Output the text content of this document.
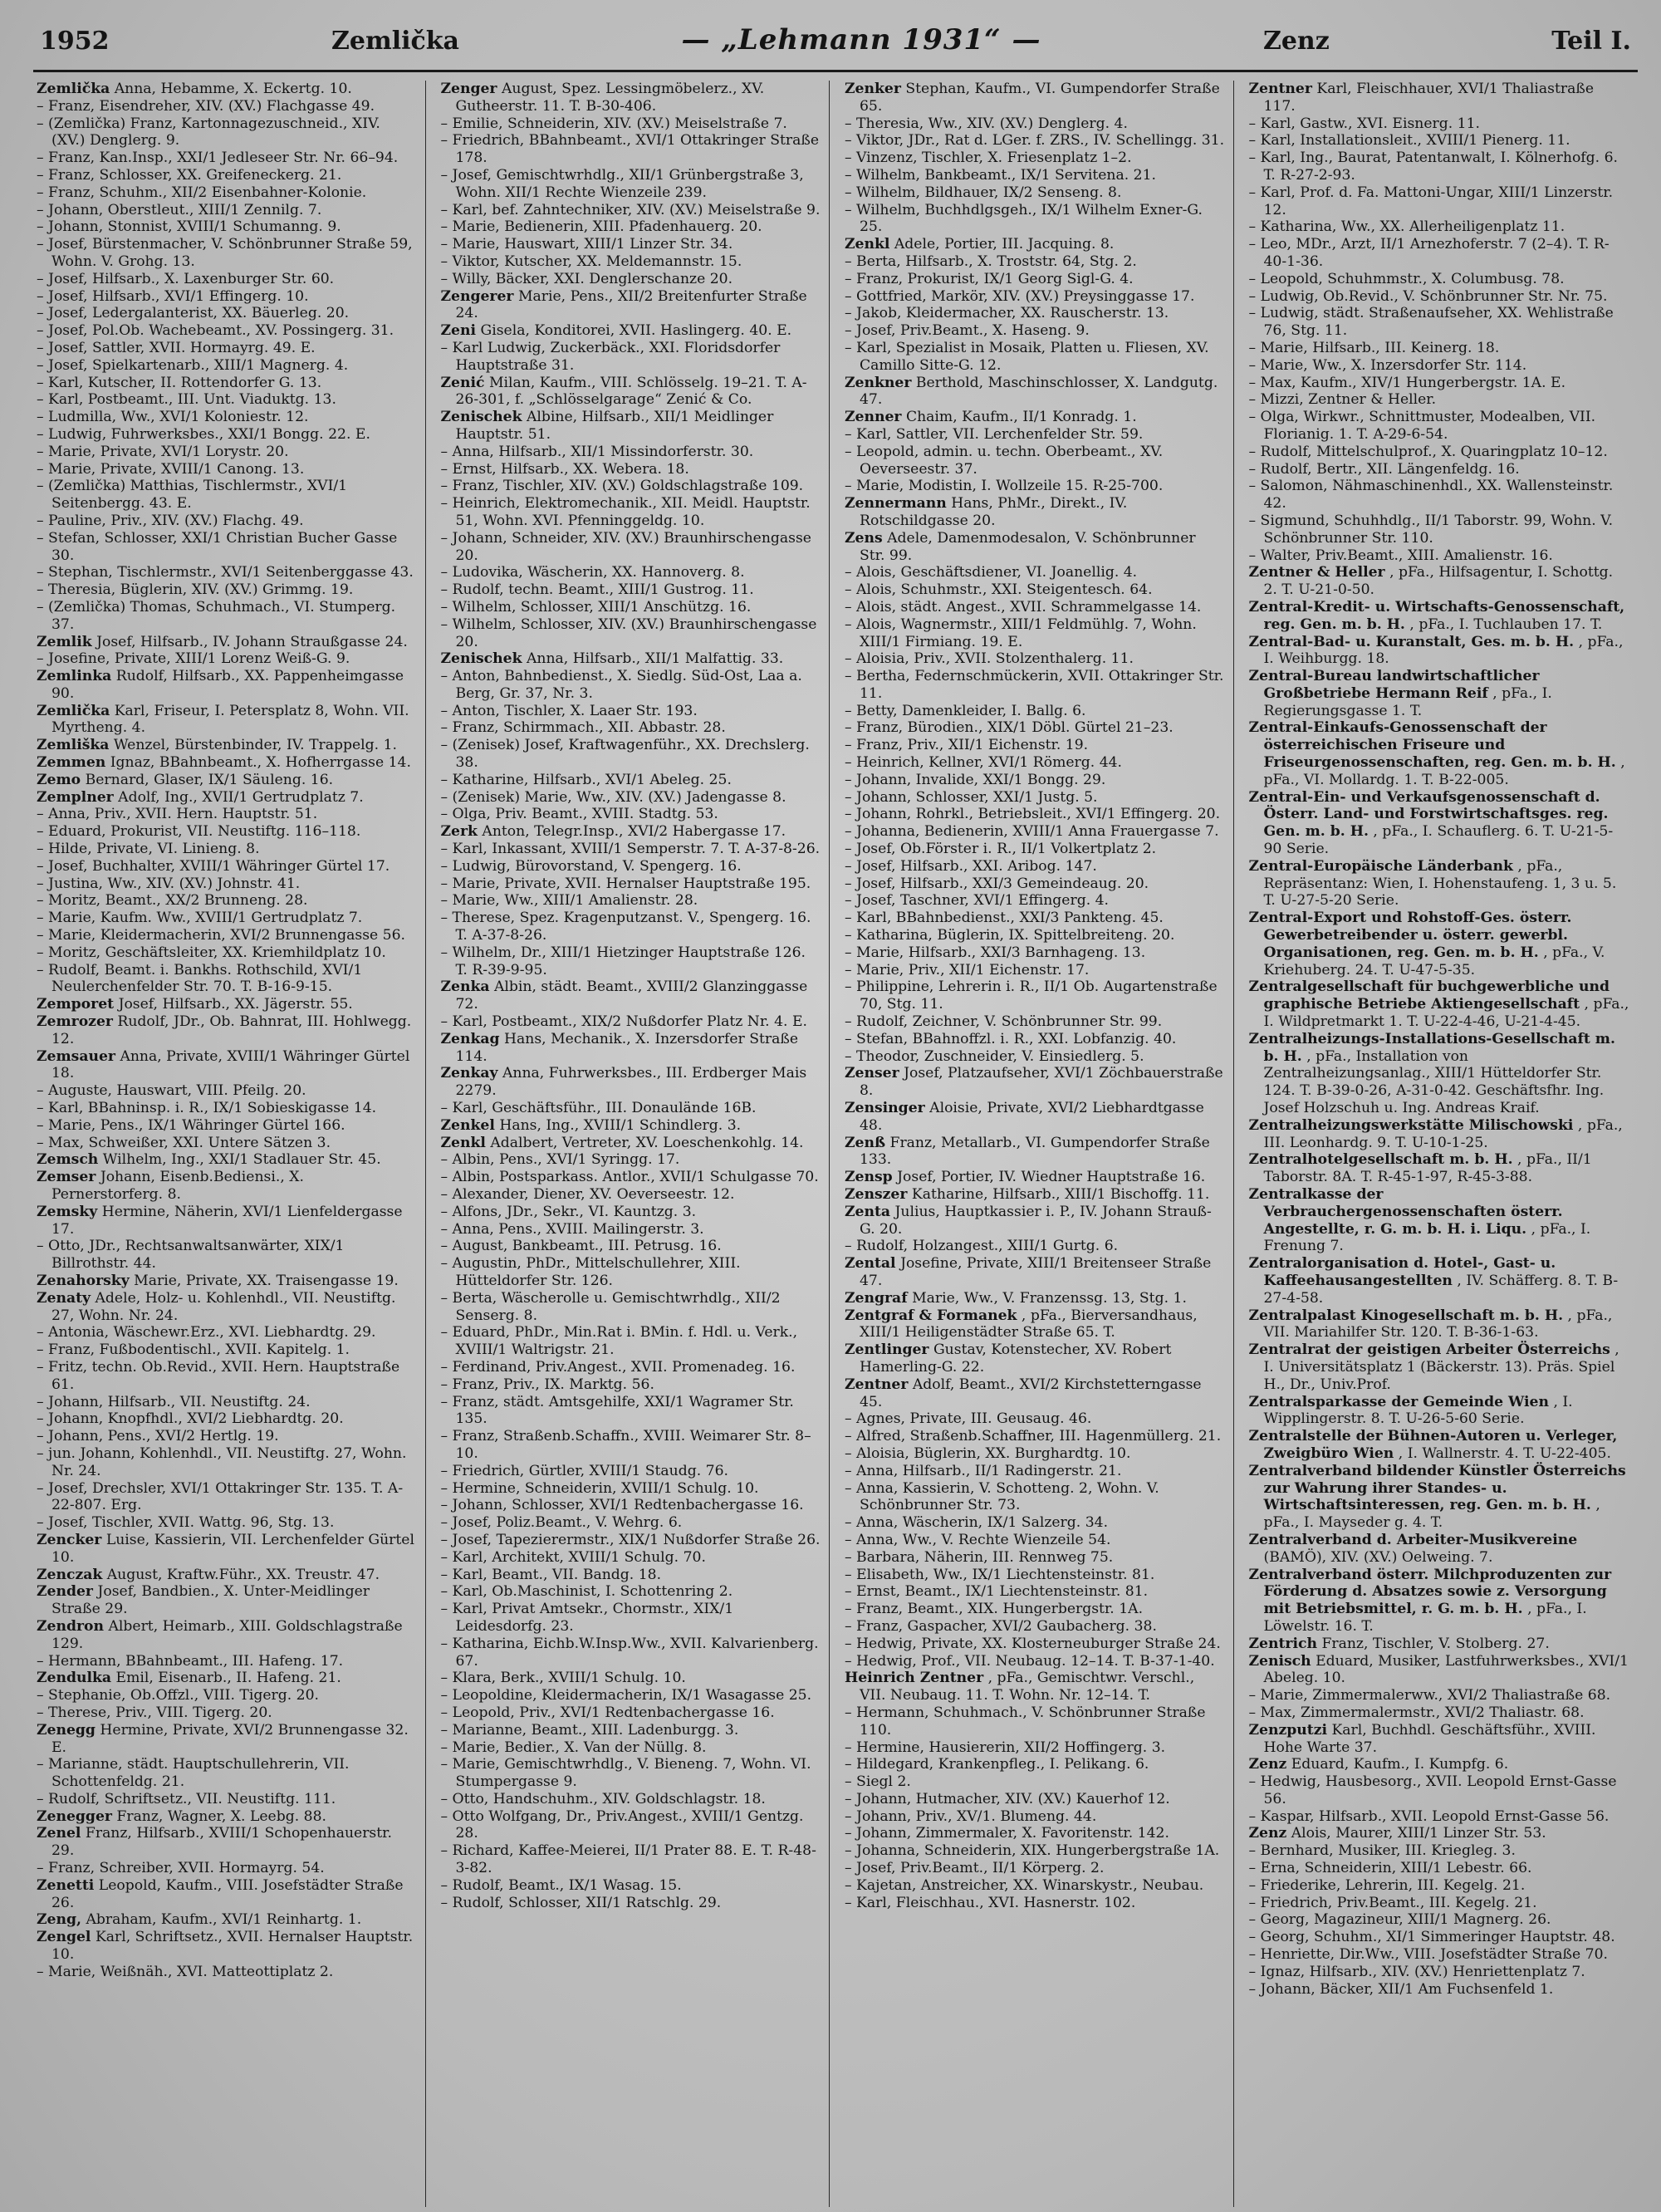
1952	Zemlička	— „Lehmann 1931“ —	Zenz	Teil I.

Zemlička Anna, Hebamme, X. Eckertg. 10.

– Franz, Eisendreher, XIV. (XV.) Flachgasse 49.

– (Zemlička) Franz, Kartonnagezuschneid., XIV. (XV.) Denglerg. 9.

– Franz, Kan.Insp., XXI/1 Jedleseer Str. Nr. 66–94.

– Franz, Schlosser, XX. Greifeneckerg. 21.

– Franz, Schuhm., XII/2 Eisenbahner-Kolonie.

– Johann, Oberstleut., XIII/1 Zennilg. 7.

– Johann, Stonnist, XVIII/1 Schumanng. 9.

– Josef, Bürstenmacher, V. Schönbrunner Straße 59, Wohn. V. Grohg. 13.

– Josef, Hilfsarb., X. Laxenburger Str. 60.

– Josef, Hilfsarb., XVI/1 Effingerg. 10.

– Josef, Ledergalanterist, XX. Bäuerleg. 20.

– Josef, Pol.Ob. Wachebeamt., XV. Possingerg. 31.

– Josef, Sattler, XVII. Hormayrg. 49. E.

– Josef, Spielkartenarb., XIII/1 Magnerg. 4.

– Karl, Kutscher, II. Rottendorfer G. 13.

– Karl, Postbeamt., III. Unt. Viaduktg. 13.

– Ludmilla, Ww., XVI/1 Koloniestr. 12.

– Ludwig, Fuhrwerksbes., XXI/1 Bongg. 22. E.

– Marie, Private, XVI/1 Lorystr. 20.

– Marie, Private, XVIII/1 Canong. 13.

– (Zemlička) Matthias, Tischlermstr., XVI/1 Seitenbergg. 43. E.

– Pauline, Priv., XIV. (XV.) Flachg. 49.

– Stefan, Schlosser, XXI/1 Christian Bucher Gasse 30.

– Stephan, Tischlermstr., XVI/1 Seitenberggasse 43.

– Theresia, Büglerin, XIV. (XV.) Grimmg. 19.

– (Zemlička) Thomas, Schuhmach., VI. Stumperg. 37.

Zemlik Josef, Hilfsarb., IV. Johann Straußgasse 24.

– Josefine, Private, XIII/1 Lorenz Weiß-G. 9.

Zemlinka Rudolf, Hilfsarb., XX. Pappenheimgasse 90.

Zemlička Karl, Friseur, I. Petersplatz 8, Wohn. VII. Myrtheng. 4.

Zemliška Wenzel, Bürstenbinder, IV. Trappelg. 1.

Zemmen Ignaz, BBahnbeamt., X. Hofherrgasse 14.

Zemo Bernard, Glaser, IX/1 Säuleng. 16.

Zemplner Adolf, Ing., XVII/1 Gertrudplatz 7.

– Anna, Priv., XVII. Hern. Hauptstr. 51.

– Eduard, Prokurist, VII. Neustiftg. 116–118.

– Hilde, Private, VI. Linieng. 8.

– Josef, Buchhalter, XVIII/1 Währinger Gürtel 17.

– Justina, Ww., XIV. (XV.) Johnstr. 41.

– Moritz, Beamt., XX/2 Brunneng. 28.

– Marie, Kaufm. Ww., XVIII/1 Gertrudplatz 7.

– Marie, Kleidermacherin, XVI/2 Brunnengasse 56.

– Moritz, Geschäftsleiter, XX. Kriemhildplatz 10.

– Rudolf, Beamt. i. Bankhs. Rothschild, XVI/1 Neulerchenfelder Str. 70. T. B-16-9-15.

Zemporet Josef, Hilfsarb., XX. Jägerstr. 55.

Zemrozer Rudolf, JDr., Ob. Bahnrat, III. Hohlwegg. 12.

Zemsauer Anna, Private, XVIII/1 Währinger Gürtel 18.

– Auguste, Hauswart, VIII. Pfeilg. 20.

– Karl, BBahninsp. i. R., IX/1 Sobieskigasse 14.

– Marie, Pens., IX/1 Währinger Gürtel 166.

– Max, Schweißer, XXI. Untere Sätzen 3.

Zemsch Wilhelm, Ing., XXI/1 Stadlauer Str. 45.

Zemser Johann, Eisenb.Bediensi., X. Pernerstorferg. 8.

Zemsky Hermine, Näherin, XVI/1 Lienfeldergasse 17.

– Otto, JDr., Rechtsanwaltsanwärter, XIX/1 Billrothstr. 44.

Zenahorsky Marie, Private, XX. Traisengasse 19.

Zenaty Adele, Holz- u. Kohlenhdl., VII. Neustiftg. 27, Wohn. Nr. 24.

– Antonia, Wäschewr.Erz., XVI. Liebhardtg. 29.

– Franz, Fußbodentischl., XVII. Kapitelg. 1.

– Fritz, techn. Ob.Revid., XVII. Hern. Hauptstraße 61.

– Johann, Hilfsarb., VII. Neustiftg. 24.

– Johann, Knopfhdl., XVI/2 Liebhardtg. 20.

– Johann, Pens., XVI/2 Hertlg. 19.

– jun. Johann, Kohlenhdl., VII. Neustiftg. 27, Wohn. Nr. 24.

– Josef, Drechsler, XVI/1 Ottakringer Str. 135. T. A-22-807. Erg.

– Josef, Tischler, XVII. Wattg. 96, Stg. 13.

Zencker Luise, Kassierin, VII. Lerchenfelder Gürtel 10.

Zenczak August, Kraftw.Führ., XX. Treustr. 47.

Zender Josef, Bandbien., X. Unter-Meidlinger Straße 29.

Zendron Albert, Heimarb., XIII. Goldschlagstraße 129.

– Hermann, BBahnbeamt., III. Hafeng. 17.

Zendulka Emil, Eisenarb., II. Hafeng. 21.

– Stephanie, Ob.Offzl., VIII. Tigerg. 20.

– Therese, Priv., VIII. Tigerg. 20.

Zenegg Hermine, Private, XVI/2 Brunnengasse 32. E.

– Marianne, städt. Hauptschullehrerin, VII. Schottenfeldg. 21.

– Rudolf, Schriftsetz., VII. Neustiftg. 111.

Zenegger Franz, Wagner, X. Leebg. 88.

Zenel Franz, Hilfsarb., XVIII/1 Schopenhauerstr. 29.

– Franz, Schreiber, XVII. Hormayrg. 54.

Zenetti Leopold, Kaufm., VIII. Josefstädter Straße 26.

Zeng, Abraham, Kaufm., XVI/1 Reinhartg. 1.

Zengel Karl, Schriftsetz., XVII. Hernalser Hauptstr. 10.

– Marie, Weißnäh., XVI. Matteottiplatz 2.

Zenger August, Spez. Lessingmöbelerz., XV. Gutheerstr. 11. T. B-30-406.

– Emilie, Schneiderin, XIV. (XV.) Meiselstraße 7.

– Friedrich, BBahnbeamt., XVI/1 Ottakringer Straße 178.

– Josef, Gemischtwrhdlg., XII/1 Grünbergstraße 3, Wohn. XII/1 Rechte Wienzeile 239.

– Karl, bef. Zahntechniker, XIV. (XV.) Meiselstraße 9.

– Marie, Bedienerin, XIII. Pfadenhauerg. 20.

– Marie, Hauswart, XIII/1 Linzer Str. 34.

– Viktor, Kutscher, XX. Meldemannstr. 15.

– Willy, Bäcker, XXI. Denglerschanze 20.

Zengerer Marie, Pens., XII/2 Breitenfurter Straße 24.

Zeni Gisela, Konditorei, XVII. Haslingerg. 40. E.

– Karl Ludwig, Zuckerbäck., XXI. Floridsdorfer Hauptstraße 31.

Zenić Milan, Kaufm., VIII. Schlösselg. 19–21. T. A-26-301, f. „Schlösselgarage“ Zenić & Co.

Zenischek Albine, Hilfsarb., XII/1 Meidlinger Hauptstr. 51.

– Anna, Hilfsarb., XII/1 Missindorferstr. 30.

– Ernst, Hilfsarb., XX. Webera. 18.

– Franz, Tischler, XIV. (XV.) Goldschlagstraße 109.

– Heinrich, Elektromechanik., XII. Meidl. Hauptstr. 51, Wohn. XVI. Pfenninggeldg. 10.

– Johann, Schneider, XIV. (XV.) Braunhirschengasse 20.

– Ludovika, Wäscherin, XX. Hannoverg. 8.

– Rudolf, techn. Beamt., XIII/1 Gustrog. 11.

– Wilhelm, Schlosser, XIII/1 Anschützg. 16.

– Wilhelm, Schlosser, XIV. (XV.) Braunhirschengasse 20.

Zenischek Anna, Hilfsarb., XII/1 Malfattig. 33.

– Anton, Bahnbedienst., X. Siedlg. Süd-Ost, Laa a. Berg, Gr. 37, Nr. 3.

– Anton, Tischler, X. Laaer Str. 193.

– Franz, Schirmmach., XII. Abbastr. 28.

– (Zenisek) Josef, Kraftwagenführ., XX. Drechslerg. 38.

– Katharine, Hilfsarb., XVI/1 Abeleg. 25.

– (Zenisek) Marie, Ww., XIV. (XV.) Jadengasse 8.

– Olga, Priv. Beamt., XVIII. Stadtg. 53.

Zerk Anton, Telegr.Insp., XVI/2 Habergasse 17.

– Karl, Inkassant, XVIII/1 Semperstr. 7. T. A-37-8-26.

– Ludwig, Bürovorstand, V. Spengerg. 16.

– Marie, Private, XVII. Hernalser Hauptstraße 195.

– Marie, Ww., XIII/1 Amalienstr. 28.

– Therese, Spez. Kragenputzanst. V., Spengerg. 16. T. A-37-8-26.

– Wilhelm, Dr., XIII/1 Hietzinger Hauptstraße 126. T. R-39-9-95.

Zenka Albin, städt. Beamt., XVIII/2 Glanzinggasse 72.

– Karl, Postbeamt., XIX/2 Nußdorfer Platz Nr. 4. E.

Zenkag Hans, Mechanik., X. Inzersdorfer Straße 114.

Zenkay Anna, Fuhrwerksbes., III. Erdberger Mais 2279.

– Karl, Geschäftsführ., III. Donaulände 16B.

Zenkel Hans, Ing., XVIII/1 Schindlerg. 3.

Zenkl Adalbert, Vertreter, XV. Loeschenkohlg. 14.

– Albin, Pens., XVI/1 Syringg. 17.

– Albin, Postsparkass. Antlor., XVII/1 Schulgasse 70.

– Alexander, Diener, XV. Oeverseestr. 12.

– Alfons, JDr., Sekr., VI. Kauntzg. 3.

– Anna, Pens., XVIII. Mailingerstr. 3.

– August, Bankbeamt., III. Petrusg. 16.

– Augustin, PhDr., Mittelschullehrer, XIII. Hütteldorfer Str. 126.

– Berta, Wäscherolle u. Gemischtwrhdlg., XII/2 Senserg. 8.

– Eduard, PhDr., Min.Rat i. BMin. f. Hdl. u. Verk., XVIII/1 Waltrigstr. 21.

– Ferdinand, Priv.Angest., XVII. Promenadeg. 16.

– Franz, Priv., IX. Marktg. 56.

– Franz, städt. Amtsgehilfe, XXI/1 Wagramer Str. 135.

– Franz, Straßenb.Schaffn., XVIII. Weimarer Str. 8–10.

– Friedrich, Gürtler, XVIII/1 Staudg. 76.

– Hermine, Schneiderin, XVIII/1 Schulg. 10.

– Johann, Schlosser, XVI/1 Redtenbachergasse 16.

– Josef, Poliz.Beamt., V. Wehrg. 6.

– Josef, Tapezierermstr., XIX/1 Nußdorfer Straße 26.

– Karl, Architekt, XVIII/1 Schulg. 70.

– Karl, Beamt., VII. Bandg. 18.

– Karl, Ob.Maschinist, I. Schottenring 2.

– Karl, Privat Amtsekr., Chormstr., XIX/1 Leidesdorfg. 23.

– Katharina, Eichb.W.Insp.Ww., XVII. Kalvarienberg. 67.

– Klara, Berk., XVIII/1 Schulg. 10.

– Leopoldine, Kleidermacherin, IX/1 Wasagasse 25.

– Leopold, Priv., XVI/1 Redtenbachergasse 16.

– Marianne, Beamt., XIII. Ladenburgg. 3.

– Marie, Bedier., X. Van der Nüllg. 8.

– Marie, Gemischtwrhdlg., V. Bieneng. 7, Wohn. VI. Stumpergasse 9.

– Otto, Handschuhm., XIV. Goldschlagstr. 18.

– Otto Wolfgang, Dr., Priv.Angest., XVIII/1 Gentzg. 28.

– Richard, Kaffee-Meierei, II/1 Prater 88. E. T. R-48-3-82.

– Rudolf, Beamt., IX/1 Wasag. 15.

– Rudolf, Schlosser, XII/1 Ratschlg. 29.

Zenker Stephan, Kaufm., VI. Gumpendorfer Straße 65.

– Theresia, Ww., XIV. (XV.) Denglerg. 4.

– Viktor, JDr., Rat d. LGer. f. ZRS., IV. Schellingg. 31.

– Vinzenz, Tischler, X. Friesenplatz 1–2.

– Wilhelm, Bankbeamt., IX/1 Servitena. 21.

– Wilhelm, Bildhauer, IX/2 Senseng. 8.

– Wilhelm, Buchhdlgsgeh., IX/1 Wilhelm Exner-G. 25.

Zenkl Adele, Portier, III. Jacquing. 8.

– Berta, Hilfsarb., X. Troststr. 64, Stg. 2.

– Franz, Prokurist, IX/1 Georg Sigl-G. 4.

– Gottfried, Markör, XIV. (XV.) Preysinggasse 17.

– Jakob, Kleidermacher, XX. Rauscherstr. 13.

– Josef, Priv.Beamt., X. Haseng. 9.

– Karl, Spezialist in Mosaik, Platten u. Fliesen, XV. Camillo Sitte-G. 12.

Zenkner Berthold, Maschinschlosser, X. Landgutg. 47.

Zenner Chaim, Kaufm., II/1 Konradg. 1.

– Karl, Sattler, VII. Lerchenfelder Str. 59.

– Leopold, admin. u. techn. Oberbeamt., XV. Oeverseestr. 37.

– Marie, Modistin, I. Wollzeile 15. R-25-700.

Zennermann Hans, PhMr., Direkt., IV. Rotschildgasse 20.

Zens Adele, Damenmodesalon, V. Schönbrunner Str. 99.

– Alois, Geschäftsdiener, VI. Joanellig. 4.

– Alois, Schuhmstr., XXI. Steigentesch. 64.

– Alois, städt. Angest., XVII. Schrammelgasse 14.

– Alois, Wagnermstr., XIII/1 Feldmühlg. 7, Wohn. XIII/1 Firmiang. 19. E.

– Aloisia, Priv., XVII. Stolzenthalerg. 11.

– Bertha, Federnschmückerin, XVII. Ottakringer Str. 11.

– Betty, Damenkleider, I. Ballg. 6.

– Franz, Bürodien., XIX/1 Döbl. Gürtel 21–23.

– Franz, Priv., XII/1 Eichenstr. 19.

– Heinrich, Kellner, XVI/1 Römerg. 44.

– Johann, Invalide, XXI/1 Bongg. 29.

– Johann, Schlosser, XXI/1 Justg. 5.

– Johann, Rohrkl., Betriebsleit., XVI/1 Effingerg. 20.

– Johanna, Bedienerin, XVIII/1 Anna Frauergasse 7.

– Josef, Ob.Förster i. R., II/1 Volkertplatz 2.

– Josef, Hilfsarb., XXI. Aribog. 147.

– Josef, Hilfsarb., XXI/3 Gemeindeaug. 20.

– Josef, Taschner, XVI/1 Effingerg. 4.

– Karl, BBahnbedienst., XXI/3 Pankteng. 45.

– Katharina, Büglerin, IX. Spittelbreiteng. 20.

– Marie, Hilfsarb., XXI/3 Barnhageng. 13.

– Marie, Priv., XII/1 Eichenstr. 17.

– Philippine, Lehrerin i. R., II/1 Ob. Augartenstraße 70, Stg. 11.

– Rudolf, Zeichner, V. Schönbrunner Str. 99.

– Stefan, BBahnoffzl. i. R., XXI. Lobfanzig. 40.

– Theodor, Zuschneider, V. Einsiedlerg. 5.

Zenser Josef, Platzaufseher, XVI/1 Zöchbauerstraße 8.

Zensinger Aloisie, Private, XVI/2 Liebhardtgasse 48.

Zenß Franz, Metallarb., VI. Gumpendorfer Straße 133.

Zensp Josef, Portier, IV. Wiedner Hauptstraße 16.

Zenszer Katharine, Hilfsarb., XIII/1 Bischoffg. 11.

Zenta Julius, Hauptkassier i. P., IV. Johann Strauß-G. 20.

– Rudolf, Holzangest., XIII/1 Gurtg. 6.

Zental Josefine, Private, XIII/1 Breitenseer Straße 47.

Zengraf Marie, Ww., V. Franzenssg. 13, Stg. 1.

Zentgraf & Formanek , pFa., Bierversandhaus, XIII/1 Heiligenstädter Straße 65. T.

Zentlinger Gustav, Kotenstecher, XV. Robert Hamerling-G. 22.

Zentner Adolf, Beamt., XVI/2 Kirchstetterngasse 45.

– Agnes, Private, III. Geusaug. 46.

– Alfred, Straßenb.Schaffner, III. Hagenmüllerg. 21.

– Aloisia, Büglerin, XX. Burghardtg. 10.

– Anna, Hilfsarb., II/1 Radingerstr. 21.

– Anna, Kassierin, V. Schotteng. 2, Wohn. V. Schönbrunner Str. 73.

– Anna, Wäscherin, IX/1 Salzerg. 34.

– Anna, Ww., V. Rechte Wienzeile 54.

– Barbara, Näherin, III. Rennweg 75.

– Elisabeth, Ww., IX/1 Liechtensteinstr. 81.

– Ernst, Beamt., IX/1 Liechtensteinstr. 81.

– Franz, Beamt., XIX. Hungerbergstr. 1A.

– Franz, Gaspacher, XVI/2 Gaubacherg. 38.

– Hedwig, Private, XX. Klosterneuburger Straße 24.

– Hedwig, Prof., VII. Neubaug. 12–14. T. B-37-1-40.

Heinrich Zentner , pFa., Gemischtwr. Verschl., VII. Neubaug. 11. T. Wohn. Nr. 12–14. T.

– Hermann, Schuhmach., V. Schönbrunner Straße 110.

– Hermine, Hausiererin, XII/2 Hoffingerg. 3.

– Hildegard, Krankenpfleg., I. Pelikang. 6.

– Siegl 2.

– Johann, Hutmacher, XIV. (XV.) Kauerhof 12.

– Johann, Priv., XV/1. Blumeng. 44.

– Johann, Zimmermaler, X. Favoritenstr. 142.

– Johanna, Schneiderin, XIX. Hungerbergstraße 1A.

– Josef, Priv.Beamt., II/1 Körperg. 2.

– Kajetan, Anstreicher, XX. Winarskystr., Neubau.

– Karl, Fleischhau., XVI. Hasnerstr. 102.

Zentner Karl, Fleischhauer, XVI/1 Thaliastraße 117.

– Karl, Gastw., XVI. Eisnerg. 11.

– Karl, Installationsleit., XVIII/1 Pienerg. 11.

– Karl, Ing., Baurat, Patentanwalt, I. Kölnerhofg. 6. T. R-27-2-93.

– Karl, Prof. d. Fa. Mattoni-Ungar, XIII/1 Linzerstr. 12.

– Katharina, Ww., XX. Allerheiligenplatz 11.

– Leo, MDr., Arzt, II/1 Arnezhoferstr. 7 (2–4). T. R-40-1-36.

– Leopold, Schuhmmstr., X. Columbusg. 78.

– Ludwig, Ob.Revid., V. Schönbrunner Str. Nr. 75.

– Ludwig, städt. Straßenaufseher, XX. Wehlistraße 76, Stg. 11.

– Marie, Hilfsarb., III. Keinerg. 18.

– Marie, Ww., X. Inzersdorfer Str. 114.

– Max, Kaufm., XIV/1 Hungerbergstr. 1A. E.

– Mizzi, Zentner & Heller.

– Olga, Wirkwr., Schnittmuster, Modealben, VII. Florianig. 1. T. A-29-6-54.

– Rudolf, Mittelschulprof., X. Quaringplatz 10–12.

– Rudolf, Bertr., XII. Längenfeldg. 16.

– Salomon, Nähmaschinenhdl., XX. Wallensteinstr. 42.

– Sigmund, Schuhhdlg., II/1 Taborstr. 99, Wohn. V. Schönbrunner Str. 110.

– Walter, Priv.Beamt., XIII. Amalienstr. 16.

Zentner & Heller , pFa., Hilfsagentur, I. Schottg. 2. T. U-21-0-50.

Zentral-Kredit- u. Wirtschafts-Genossenschaft, reg. Gen. m. b. H. , pFa., I. Tuchlauben 17. T.

Zentral-Bad- u. Kuranstalt, Ges. m. b. H. , pFa., I. Weihburgg. 18.

Zentral-Bureau landwirtschaftlicher Großbetriebe Hermann Reif , pFa., I. Regierungsgasse 1. T.

Zentral-Einkaufs-Genossenschaft der österreichischen Friseure und Friseurgenossenschaften, reg. Gen. m. b. H. , pFa., VI. Mollardg. 1. T. B-22-005.

Zentral-Ein- und Verkaufsgenossenschaft d. Österr. Land- und Forstwirtschaftsges. reg. Gen. m. b. H. , pFa., I. Schauflerg. 6. T. U-21-5-90 Serie.

Zentral-Europäische Länderbank , pFa., Repräsentanz: Wien, I. Hohenstaufeng. 1, 3 u. 5. T. U-27-5-20 Serie.

Zentral-Export und Rohstoff-Ges. österr. Gewerbetreibender u. österr. gewerbl. Organisationen, reg. Gen. m. b. H. , pFa., V. Kriehuberg. 24. T. U-47-5-35.

Zentralgesellschaft für buchgewerbliche und graphische Betriebe Aktiengesellschaft , pFa., I. Wildpretmarkt 1. T. U-22-4-46, U-21-4-45.

Zentralheizungs-Installations-Gesellschaft m. b. H. , pFa., Installation von Zentralheizungsanlag., XIII/1 Hütteldorfer Str. 124. T. B-39-0-26, A-31-0-42. Geschäftsfhr. Ing. Josef Holzschuh u. Ing. Andreas Kraif.

Zentralheizungswerkstätte Milischowski , pFa., III. Leonhardg. 9. T. U-10-1-25.

Zentralhotelgesellschaft m. b. H. , pFa., II/1 Taborstr. 8A. T. R-45-1-97, R-45-3-88.

Zentralkasse der Verbrauchergenossenschaften österr. Angestellte, r. G. m. b. H. i. Liqu. , pFa., I. Frenung 7.

Zentralorganisation d. Hotel-, Gast- u. Kaffeehausangestellten , IV. Schäfferg. 8. T. B-27-4-58.

Zentralpalast Kinogesellschaft m. b. H. , pFa., VII. Mariahilfer Str. 120. T. B-36-1-63.

Zentralrat der geistigen Arbeiter Österreichs , I. Universitätsplatz 1 (Bäckerstr. 13). Präs. Spiel H., Dr., Univ.Prof.

Zentralsparkasse der Gemeinde Wien , I. Wipplingerstr. 8. T. U-26-5-60 Serie.

Zentralstelle der Bühnen-Autoren u. Verleger, Zweigbüro Wien , I. Wallnerstr. 4. T. U-22-405.

Zentralverband bildender Künstler Österreichs zur Wahrung ihrer Standes- u. Wirtschaftsinteressen, reg. Gen. m. b. H. , pFa., I. Mayseder g. 4. T.

Zentralverband d. Arbeiter-Musikvereine (BAMÖ), XIV. (XV.) Oelweing. 7.

Zentralverband österr. Milchproduzenten zur Förderung d. Absatzes sowie z. Versorgung mit Betriebsmittel, r. G. m. b. H. , pFa., I. Löwelstr. 16. T.

Zentrich Franz, Tischler, V. Stolberg. 27.

Zenisch Eduard, Musiker, Lastfuhrwerksbes., XVI/1 Abeleg. 10.

– Marie, Zimmermalerww., XVI/2 Thaliastraße 68.

– Max, Zimmermalermstr., XVI/2 Thaliastr. 68.

Zenzputzi Karl, Buchhdl. Geschäftsführ., XVIII. Hohe Warte 37.

Zenz Eduard, Kaufm., I. Kumpfg. 6.

– Hedwig, Hausbesorg., XVII. Leopold Ernst-Gasse 56.

– Kaspar, Hilfsarb., XVII. Leopold Ernst-Gasse 56.

Zenz Alois, Maurer, XIII/1 Linzer Str. 53.

– Bernhard, Musiker, III. Kriegleg. 3.

– Erna, Schneiderin, XIII/1 Lebestr. 66.

– Friederike, Lehrerin, III. Kegelg. 21.

– Friedrich, Priv.Beamt., III. Kegelg. 21.

– Georg, Magazineur, XIII/1 Magnerg. 26.

– Georg, Schuhm., XI/1 Simmeringer Hauptstr. 48.

– Henriette, Dir.Ww., VIII. Josefstädter Straße 70.

– Ignaz, Hilfsarb., XIV. (XV.) Henriettenplatz 7.

– Johann, Bäcker, XII/1 Am Fuchsenfeld 1.
